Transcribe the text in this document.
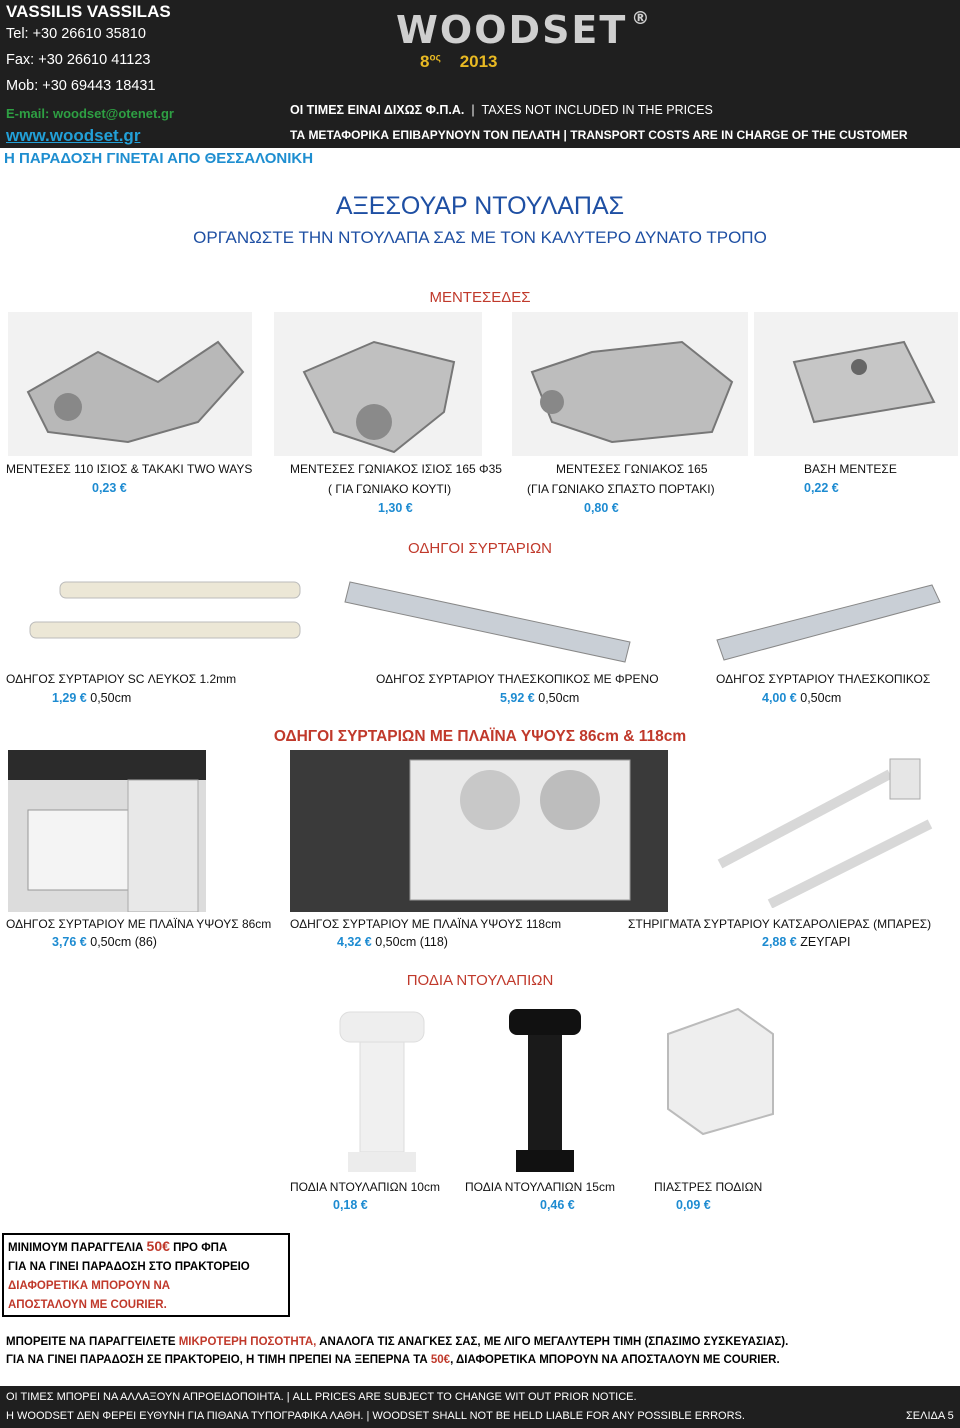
VASSILIS VASSILAS
Tel: +30 26610 35810
Fax: +30 26610 41123
Mob: +30 69443 18431
E-mail: woodset@otenet.gr
www.woodset.gr
WOODSET ®
$8^{o\varsigma}$ 2013
ΟΙ ΤΙΜΕΣ ΕΙΝΑΙ ΔΙΧΩΣ Φ.Π.Α.  |  TAXES NOT INCLUDED IN THE PRICES
ΤΑ ΜΕΤΑΦΟΡΙΚΑ ΕΠΙΒΑΡΥΝΟΥΝ ΤΟΝ ΠΕΛΑΤΗ | TRANSPORT COSTS ARE IN CHARGE OF THE CUSTOMER
Η ΠΑΡΑΔΟΣΗ ΓΙΝΕΤΑΙ ΑΠΟ ΘΕΣΣΑΛΟΝΙΚΗ
ΑΞΕΣΟΥΑΡ ΝΤΟΥΛΑΠΑΣ
ΟΡΓΑΝΩΣΤΕ ΤΗΝ ΝΤΟΥΛΑΠΑ ΣΑΣ ΜΕ ΤΟΝ ΚΑΛΥΤΕΡΟ ΔΥΝΑΤΟ ΤΡΟΠΟ
ΜΕΝΤΕΣΕΔΕΣ
ΜΕΝΤΕΣΕΣ 110 ΙΣΙΟΣ & ΤΑΚΑΚΙ TWO WAYS
0,23 €
ΜΕΝΤΕΣΕΣ ΓΩΝΙΑΚΟΣ ΙΣΙΟΣ 165 Φ35
( ΓΙΑ ΓΩΝΙΑΚΟ ΚΟΥΤΙ)
1,30 €
ΜΕΝΤΕΣΕΣ ΓΩΝΙΑΚΟΣ 165
(ΓΙΑ ΓΩΝΙΑΚΟ ΣΠΑΣΤΟ ΠΟΡΤΑΚΙ)
0,80 €
ΒΑΣΗ ΜΕΝΤΕΣΕ
0,22 €
ΟΔΗΓΟΙ ΣΥΡΤΑΡΙΩΝ
ΟΔΗΓΟΣ ΣΥΡΤΑΡΙΟΥ SC ΛΕΥΚΟΣ 1.2mm
1,29 € 0,50cm
ΟΔΗΓΟΣ ΣΥΡΤΑΡΙΟΥ ΤΗΛΕΣΚΟΠΙΚΟΣ ΜΕ ΦΡΕΝΟ
5,92 € 0,50cm
ΟΔΗΓΟΣ ΣΥΡΤΑΡΙΟΥ ΤΗΛΕΣΚΟΠΙΚΟΣ
4,00 € 0,50cm
ΟΔΗΓΟΙ ΣΥΡΤΑΡΙΩΝ ΜΕ ΠΛΑΪΝΑ ΥΨΟΥΣ 86cm & 118cm
ΟΔΗΓΟΣ ΣΥΡΤΑΡΙΟΥ ΜΕ ΠΛΑΪΝΑ ΥΨΟΥΣ 86cm
3,76 € 0,50cm (86)
ΟΔΗΓΟΣ ΣΥΡΤΑΡΙΟΥ ΜΕ ΠΛΑΪΝΑ ΥΨΟΥΣ 118cm
4,32 € 0,50cm (118)
ΣΤΗΡΙΓΜΑΤΑ ΣΥΡΤΑΡΙΟΥ ΚΑΤΣΑΡΟΛΙΕΡΑΣ (ΜΠΑΡΕΣ)
2,88 € ΖΕΥΓΑΡΙ
ΠΟΔΙΑ ΝΤΟΥΛΑΠΙΩΝ
ΠΟΔΙΑ ΝΤΟΥΛΑΠΙΩΝ 10cm
0,18 €
ΠΟΔΙΑ ΝΤΟΥΛΑΠΙΩΝ 15cm
0,46 €
ΠΙΑΣΤΡΕΣ ΠΟΔΙΩΝ
0,09 €
ΜΙΝΙΜΟΥΜ ΠΑΡΑΓΓΕΛΙΑ 50€ ΠΡΟ ΦΠΑ
ΓΙΑ ΝΑ ΓΙΝΕΙ ΠΑΡΑΔΟΣΗ ΣΤΟ ΠΡΑΚΤΟΡΕΙΟ
ΔΙΑΦΟΡΕΤΙΚΑ ΜΠΟΡΟΥΝ ΝΑ
ΑΠΟΣΤΑΛΟΥΝ ΜΕ COURIER.
ΜΠΟΡΕΙΤΕ ΝΑ ΠΑΡΑΓΓΕΙΛΕΤΕ ΜΙΚΡΟΤΕΡΗ ΠΟΣΟΤΗΤΑ, ΑΝΑΛΟΓΑ ΤΙΣ ΑΝΑΓΚΕΣ ΣΑΣ, ΜΕ ΛΙΓΟ ΜΕΓΑΛΥΤΕΡΗ ΤΙΜΗ (ΣΠΑΣΙΜΟ ΣΥΣΚΕΥΑΣΙΑΣ).
ΓΙΑ ΝΑ ΓΙΝΕΙ ΠΑΡΑΔΟΣΗ ΣΕ ΠΡΑΚΤΟΡΕΙΟ, Η ΤΙΜΗ ΠΡΕΠΕΙ ΝΑ ΞΕΠΕΡΝΑ ΤΑ 50€, ΔΙΑΦΟΡΕΤΙΚΑ ΜΠΟΡΟΥΝ ΝΑ ΑΠΟΣΤΑΛΟΥΝ ΜΕ COURIER.
ΟΙ ΤΙΜΕΣ ΜΠΟΡΕΙ ΝΑ ΑΛΛΑΞΟΥΝ ΑΠΡΟΕΙΔΟΠΟΙΗΤΑ. | ALL PRICES ARE SUBJECT TO CHANGE WIT OUT PRIOR NOTICE.
Η WOODSET ΔΕΝ ΦΕΡΕΙ ΕΥΘΥΝΗ ΓΙΑ ΠΙΘΑΝΑ ΤΥΠΟΓΡΑΦΙΚΑ ΛΑΘΗ. | WOODSET SHALL NOT BE HELD LIABLE FOR ANY POSSIBLE ERRORS.	ΣΕΛΙΔΑ 5
